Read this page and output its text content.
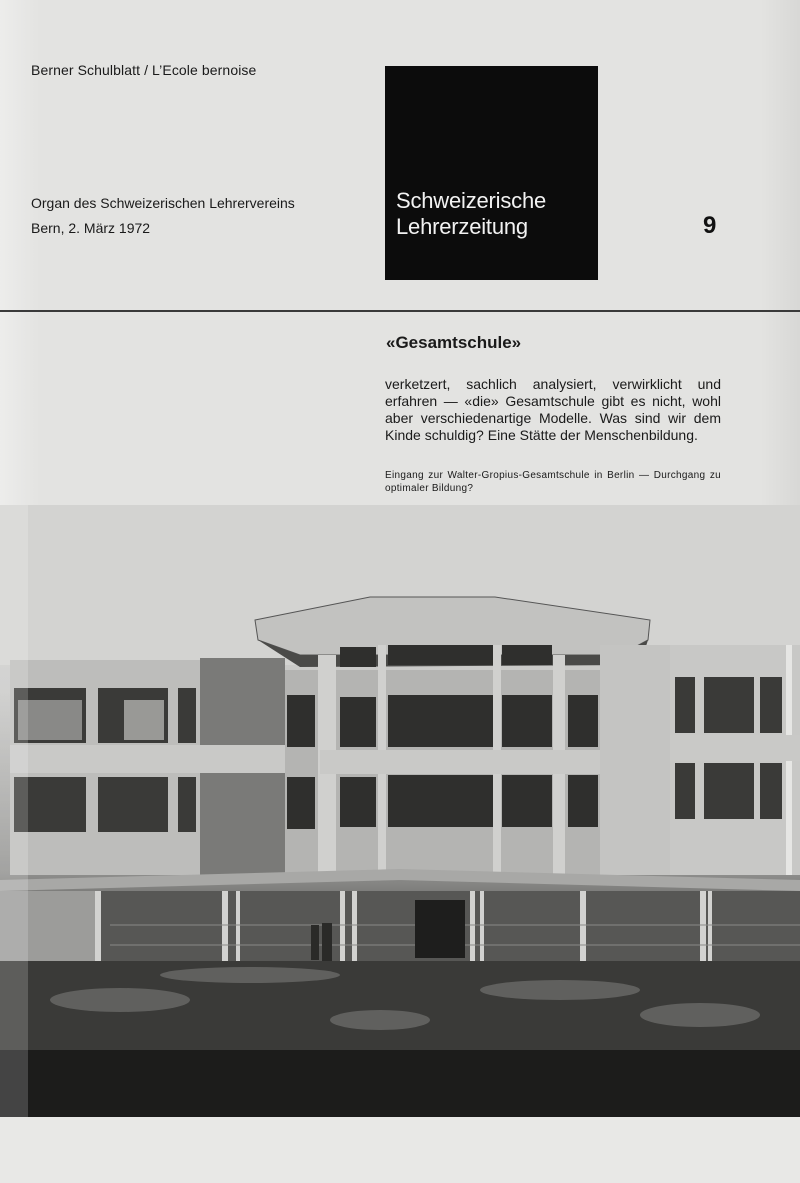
Berner Schulblatt / L’Ecole bernoise
Organ des Schweizerischen Lehrervereins
Bern, 2. März 1972
Schweizerische
Lehrerzeitung	9
«Gesamtschule»

verketzert, sachlich analysiert, verwirklicht und erfahren — «die» Gesamtschule gibt es nicht, wohl aber verschiedenartige Modelle. Was sind wir dem Kinde schuldig? Eine Stätte der Menschenbildung.

Eingang zur Walter-Gropius-Gesamtschule in Berlin — Durchgang zu optimaler Bildung?
